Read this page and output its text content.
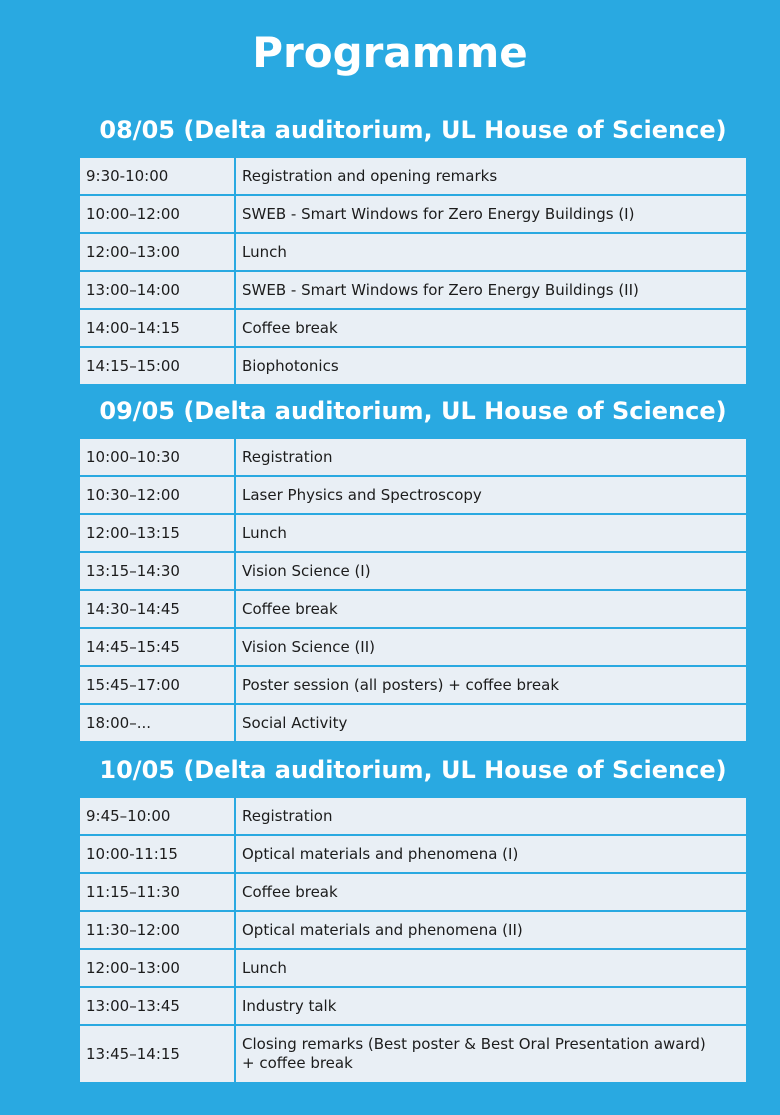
Programme
08/05 (Delta auditorium, UL House of Science)
9:30-10:00	Registration and opening remarks
10:00–12:00	SWEB - Smart Windows for Zero Energy Buildings (I)
12:00–13:00	Lunch
13:00–14:00	SWEB - Smart Windows for Zero Energy Buildings (II)
14:00–14:15	Coffee break
14:15–15:00	Biophotonics
09/05 (Delta auditorium, UL House of Science)
10:00–10:30	Registration
10:30–12:00	Laser Physics and Spectroscopy
12:00–13:15	Lunch
13:15–14:30	Vision Science (I)
14:30–14:45	Coffee break
14:45–15:45	Vision Science (II)
15:45–17:00	Poster session (all posters) + coffee break
18:00–...	Social Activity
10/05 (Delta auditorium, UL House of Science)
9:45–10:00	Registration
10:00-11:15	Optical materials and phenomena (I)
11:15–11:30	Coffee break
11:30–12:00	Optical materials and phenomena (II)
12:00–13:00	Lunch
13:00–13:45	Industry talk
13:45–14:15	Closing remarks (Best poster & Best Oral Presentation award)
+ coffee break
